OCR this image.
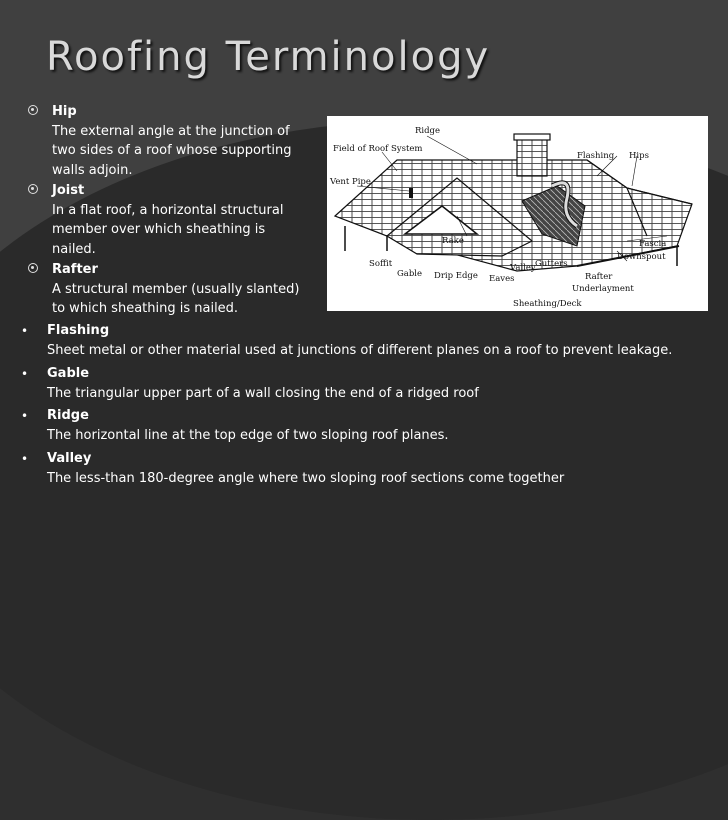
Roofing Terminology
Hip
The external angle at the junction of two sides of a roof whose supporting walls adjoin.
Joist
In a flat roof, a horizontal structural member over which sheathing is nailed.
Rafter
A structural member (usually slanted) to which sheathing is nailed.
Ridge
Field of Roof System
Flashing Hips
Vent Pipe
Rake	Fascia
Downspout
Soffit
Gable Drip Edge Eaves
Valley Gutters
Rafter
Underlayment
Sheathing/Deck
• Flashing
Sheet metal or other material used at junctions of different planes on a roof to prevent leakage.
• Gable
The triangular upper part of a wall closing the end of a ridged roof
• Ridge
The horizontal line at the top edge of two sloping roof planes.
• Valley
The less-than 180-degree angle where two sloping roof sections come together
